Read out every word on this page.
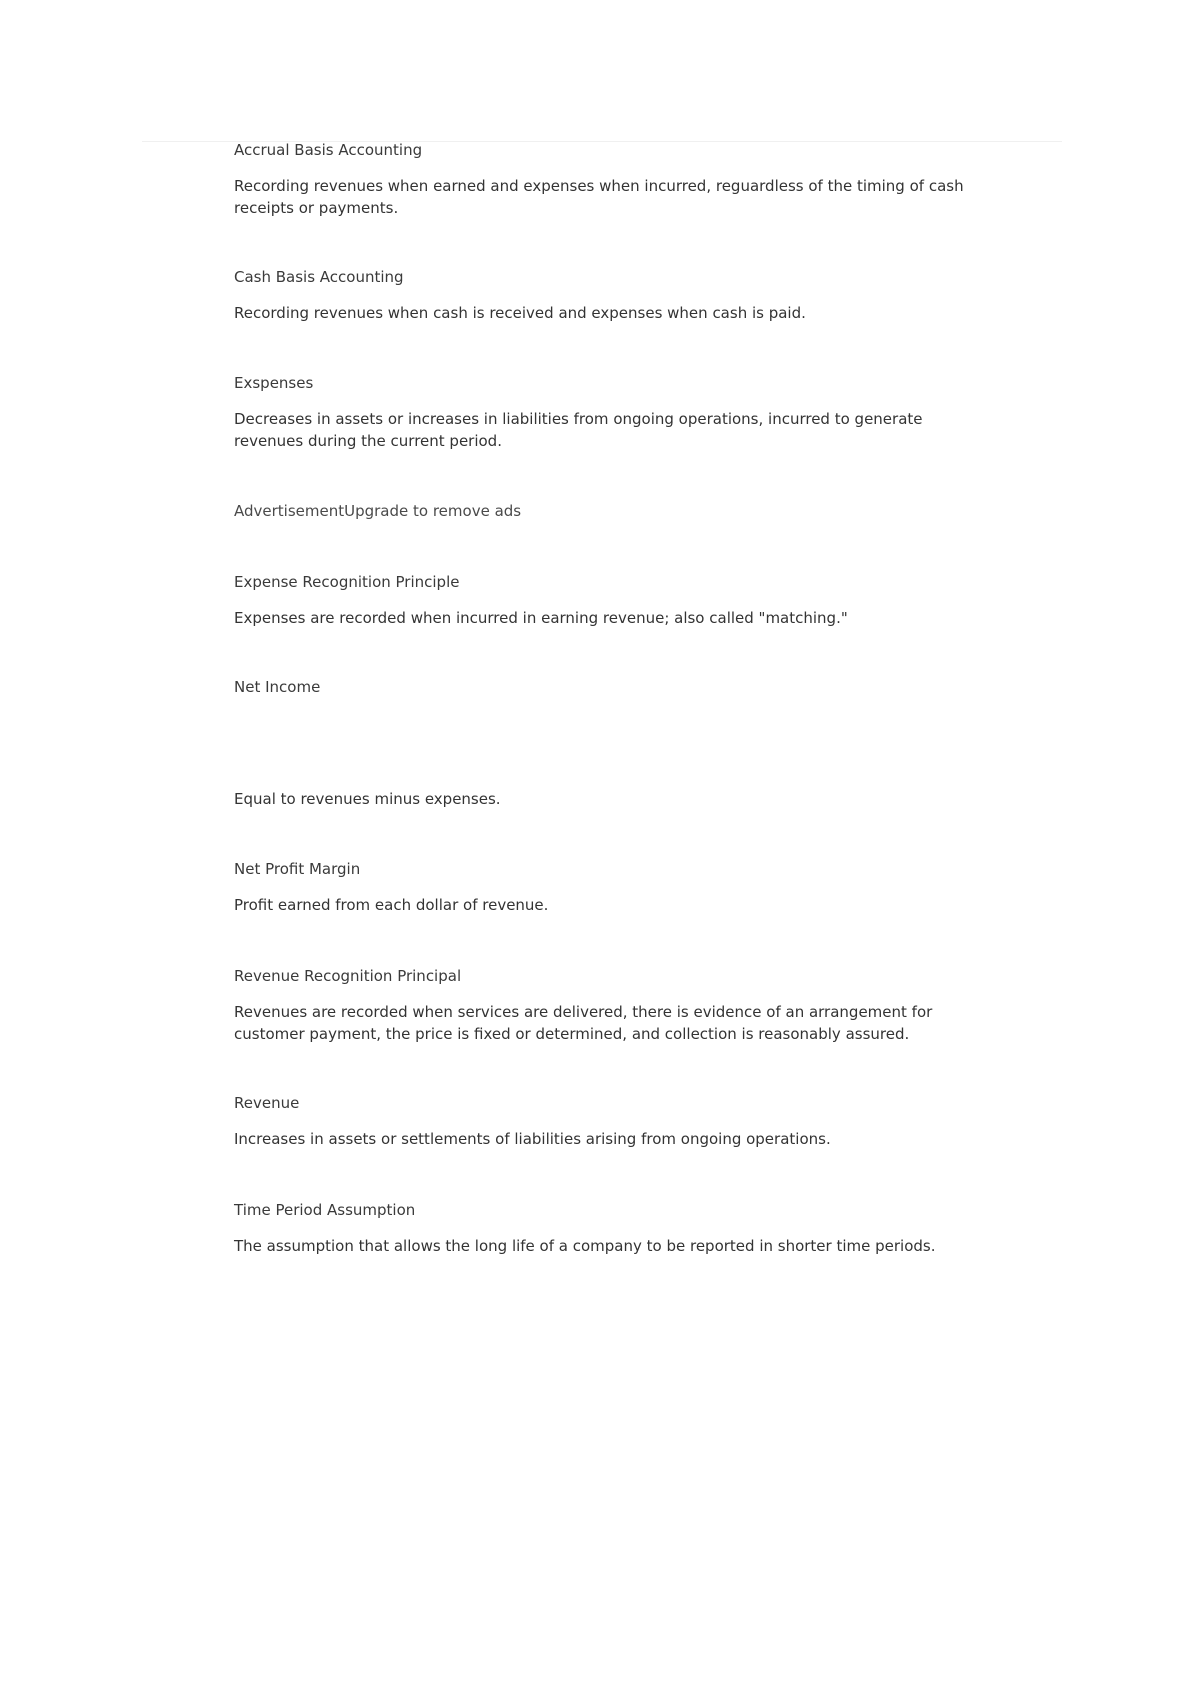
Accrual Basis Accounting
Recording revenues when earned and expenses when incurred, reguardless of the timing of cash receipts or payments.
Cash Basis Accounting
Recording revenues when cash is received and expenses when cash is paid.
Exspenses
Decreases in assets or increases in liabilities from ongoing operations, incurred to generate revenues during the current period.
AdvertisementUpgrade to remove ads
Expense Recognition Principle
Expenses are recorded when incurred in earning revenue; also called "matching."
Net Income
Equal to revenues minus expenses.
Net Profit Margin
Profit earned from each dollar of revenue.
Revenue Recognition Principal
Revenues are recorded when services are delivered, there is evidence of an arrangement for customer payment, the price is fixed or determined, and collection is reasonably assured.
Revenue
Increases in assets or settlements of liabilities arising from ongoing operations.
Time Period Assumption
The assumption that allows the long life of a company to be reported in shorter time periods.
